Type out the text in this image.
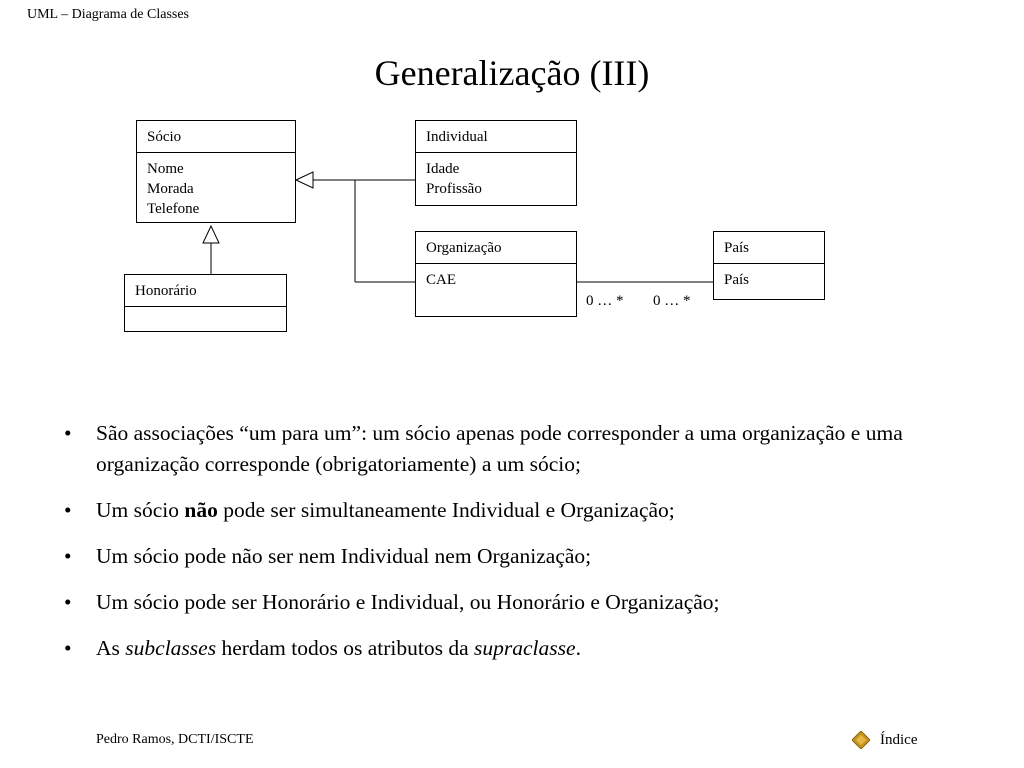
UML – Diagrama de Classes
Generalização (III)
Sócio
Nome
Morada
Telefone
Individual
Idade
Profissão
Honorário
Organização
CAE
País
País
0 … * 0 … *
• São associações “um para um”: um sócio apenas pode corresponder a uma organização e uma organização corresponde (obrigatoriamente) a um sócio;
• Um sócio não pode ser simultaneamente Individual e Organização;
• Um sócio pode não ser nem Individual nem Organização;
• Um sócio pode ser Honorário e Individual, ou Honorário e Organização;
• As subclasses herdam todos os atributos da supraclasse.
Pedro Ramos, DCTI/ISCTE	Índice
